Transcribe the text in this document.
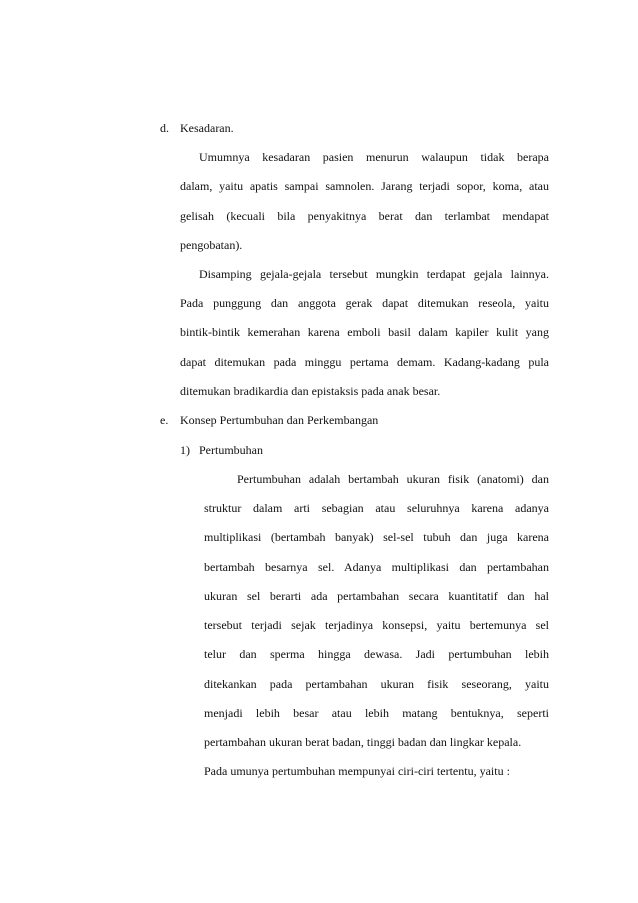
d. Kesadaran.
Umumnya kesadaran pasien menurun walaupun tidak berapa
dalam, yaitu apatis sampai samnolen. Jarang terjadi sopor, koma, atau
gelisah (kecuali bila penyakitnya berat dan terlambat mendapat
pengobatan).
Disamping gejala-gejala tersebut mungkin terdapat gejala lainnya.
Pada punggung dan anggota gerak dapat ditemukan reseola, yaitu
bintik-bintik kemerahan karena emboli basil dalam kapiler kulit yang
dapat ditemukan pada minggu pertama demam. Kadang-kadang pula
ditemukan bradikardia dan epistaksis pada anak besar.
e. Konsep Pertumbuhan dan Perkembangan
1) Pertumbuhan
Pertumbuhan adalah bertambah ukuran fisik (anatomi) dan
struktur dalam arti sebagian atau seluruhnya karena adanya
multiplikasi (bertambah banyak) sel-sel tubuh dan juga karena
bertambah besarnya sel. Adanya multiplikasi dan pertambahan
ukuran sel berarti ada pertambahan secara kuantitatif dan hal
tersebut terjadi sejak terjadinya konsepsi, yaitu bertemunya sel
telur dan sperma hingga dewasa. Jadi pertumbuhan lebih
ditekankan pada pertambahan ukuran fisik seseorang, yaitu
menjadi lebih besar atau lebih matang bentuknya, seperti
pertambahan ukuran berat badan, tinggi badan dan lingkar kepala.
Pada umunya pertumbuhan mempunyai ciri-ciri tertentu, yaitu :
